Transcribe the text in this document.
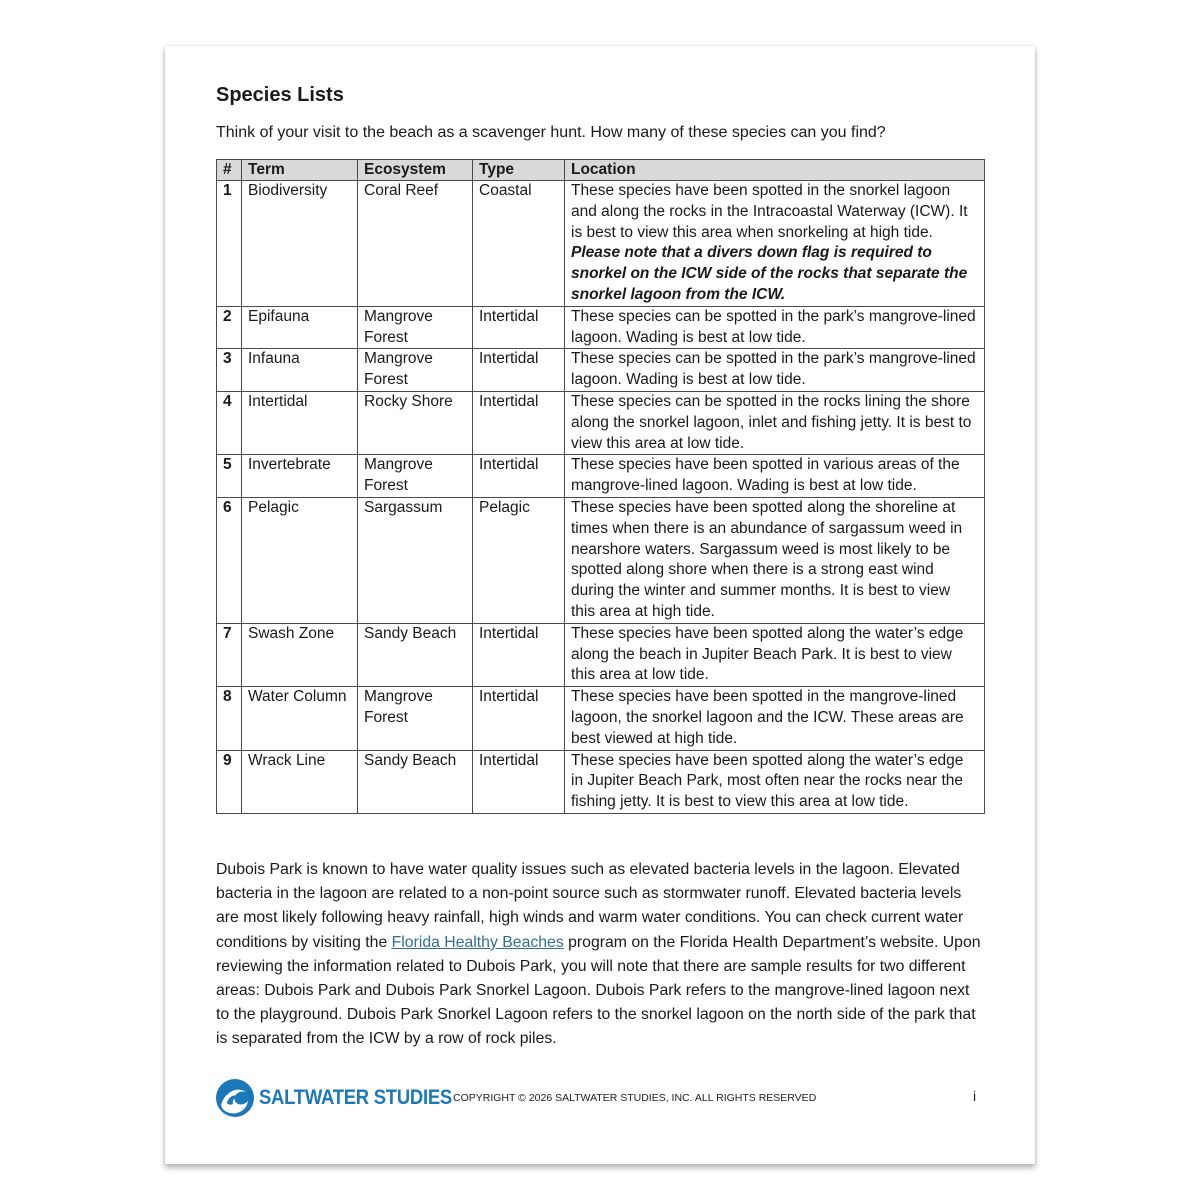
Species Lists

Think of your visit to the beach as a scavenger hunt. How many of these species can you find?

#	Term	Ecosystem	Type	Location
1	Biodiversity	Coral Reef	Coastal	These species have been spotted in the snorkel lagoon and along the rocks in the Intracoastal Waterway (ICW). It is best to view this area when snorkeling at high tide. Please note that a divers down flag is required to snorkel on the ICW side of the rocks that separate the snorkel lagoon from the ICW.
2	Epifauna	Mangrove Forest	Intertidal	These species can be spotted in the park’s mangrove-lined lagoon. Wading is best at low tide.
3	Infauna	Mangrove Forest	Intertidal	These species can be spotted in the park’s mangrove-lined lagoon. Wading is best at low tide.
4	Intertidal	Rocky Shore	Intertidal	These species can be spotted in the rocks lining the shore along the snorkel lagoon, inlet and fishing jetty. It is best to view this area at low tide.
5	Invertebrate	Mangrove Forest	Intertidal	These species have been spotted in various areas of the mangrove-lined lagoon. Wading is best at low tide.
6	Pelagic	Sargassum	Pelagic	These species have been spotted along the shoreline at times when there is an abundance of sargassum weed in nearshore waters. Sargassum weed is most likely to be spotted along shore when there is a strong east wind during the winter and summer months. It is best to view this area at high tide.
7	Swash Zone	Sandy Beach	Intertidal	These species have been spotted along the water’s edge along the beach in Jupiter Beach Park. It is best to view this area at low tide.
8	Water Column	Mangrove Forest	Intertidal	These species have been spotted in the mangrove-lined lagoon, the snorkel lagoon and the ICW. These areas are best viewed at high tide.
9	Wrack Line	Sandy Beach	Intertidal	These species have been spotted along the water’s edge in Jupiter Beach Park, most often near the rocks near the fishing jetty. It is best to view this area at low tide.

Dubois Park is known to have water quality issues such as elevated bacteria levels in the lagoon. Elevated bacteria in the lagoon are related to a non-point source such as stormwater runoff. Elevated bacteria levels are most likely following heavy rainfall, high winds and warm water conditions. You can check current water conditions by visiting the Florida Healthy Beaches program on the Florida Health Department’s website. Upon reviewing the information related to Dubois Park, you will note that there are sample results for two different areas: Dubois Park and Dubois Park Snorkel Lagoon. Dubois Park refers to the mangrove-lined lagoon next to the playground. Dubois Park Snorkel Lagoon refers to the snorkel lagoon on the north side of the park that is separated from the ICW by a row of rock piles.

SALTWATER STUDIES COPYRIGHT © 2026 SALTWATER STUDIES, INC. ALL RIGHTS RESERVED	i
